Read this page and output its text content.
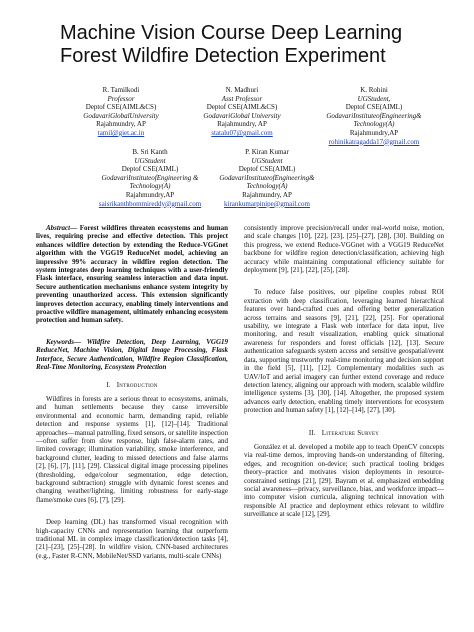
Machine Vision Course Deep Learning Forest Wildfire Detection Experiment
R. Tamilkodi
Professor
Deptof CSE(AIML&CS)
GodavariGlobalUniversity
Rajahmundry, AP
tamil@giet.ac.in
N. Madhuri
Asst Professor
Deptof CSE(AIML&CS)
GodavariGlobal University
Rajahmundry, AP
statalu07@gmail.com
K. Rohini
UGStudent,
Deptof CSE(AIML)
GodavariInstituteofEngineering&
Technology(A)
Rajahmundry,AP
rohinikatragadda17@gmail.com
B. Sri Kanth
UGStudent
Deptof CSE(AIML)
GodavariInstituteofEngineering &
Technology(A)
Rajahmundry,AP
saisrikanthbommireddy@gmail.com
P. Kiran Kumar
UGStudent
Deptof CSE(AIML)
GodavariInstituteofEngineering&
Technology(A)
Rajahmundry, AP
kirankumarpinipe@gmail.com

Abstract— Forest wildfires threaten ecosystems and human lives, requiring precise and effective detection. This project enhances wildfire detection by extending the Reduce-VGGnet algorithm with the VGG19 ReduceNet model, achieving an impressive 99% accuracy in wildfire region detection. The system integrates deep learning techniques with a user-friendly Flask interface, ensuring seamless interaction and data input. Secure authentication mechanisms enhance system integrity by preventing unauthorized access. This extension significantly improves detection accuracy, enabling timely interventions and proactive wildfire management, ultimately enhancing ecosystem protection and human safety.

Keywords— Wildfire Detection, Deep Learning, VGG19 ReduceNet, Machine Vision, Digital Image Processing, Flask Interface, Secure Authentication, Wildfire Region Classification, Real-Time Monitoring, Ecosystem Protection

I. Introduction

Wildfires in forests are a serious threat to ecosystems, animals, and human settlements because they cause irreversible environmental and economic harm, demanding rapid, reliable detection and response systems [1], [12]–[14]. Traditional approaches—manual patrolling, fixed sensors, or satellite inspection—often suffer from slow response, high false-alarm rates, and limited coverage; illumination variability, smoke interference, and background clutter, leading to missed detections and false alarms [2], [6], [7], [11], [29]. Classical digital image processing pipelines (thresholding, edge/colour segmentation, edge detection, background subtraction) struggle with dynamic forest scenes and changing weather/lighting, limiting robustness for early-stage flame/smoke cues [6], [7], [29].

Deep learning (DL) has transformed visual recognition with high-capacity CNNs and representation learning that outperform traditional ML in complex image classification/detection tasks [4], [21]–[23], [25]–[28]. In wildfire vision, CNN-based architectures (e.g., Faster R-CNN, MobileNet/SSD variants, multi-scale CNNs)

consistently improve precision/recall under real-world noise, motion, and scale changes [10], [22], [23], [25]–[27], [28], [30]. Building on this progress, we extend Reduce-VGGnet with a VGG19 ReduceNet backbone for wildfire region detection/classification, achieving high accuracy while maintaining computational efficiency suitable for deployment [9], [21], [22], [25], [28].

To reduce false positives, our pipeline couples robust ROI extraction with deep classification, leveraging learned hierarchical features over hand-crafted cues and offering better generalization across terrains and seasons [9], [21], [22], [25]. For operational usability, we integrate a Flask web interface for data input, live monitoring, and result visualization, enabling quick situational awareness for responders and forest officials [12], [13]. Secure authentication safeguards system access and sensitive geospatial/event data, supporting trustworthy real-time monitoring and decision support in the field [5], [11], [12]. Complementary modalities such as UAV/IoT and aerial imagery can further extend coverage and reduce detection latency, aligning our approach with modern, scalable wildfire intelligence systems [3], [30], [14]. Altogether, the proposed system advances early detection, enabling timely interventions for ecosystem protection and human safety [1], [12]–[14], [27], [30].

II. Literature Survey

González et al. developed a mobile app to teach OpenCV concepts via real-time demos, improving hands-on understanding of filtering, edges, and recognition on-device; such practical tooling bridges theory–practice and motivates vision deployments in resource-constrained settings [21], [29]. Bayram et al. emphasized embedding social awareness—privacy, surveillance, bias, and workforce impact—into computer vision curricula, aligning technical innovation with responsible AI practice and deployment ethics relevant to wildfire surveillance at scale [12], [29].
